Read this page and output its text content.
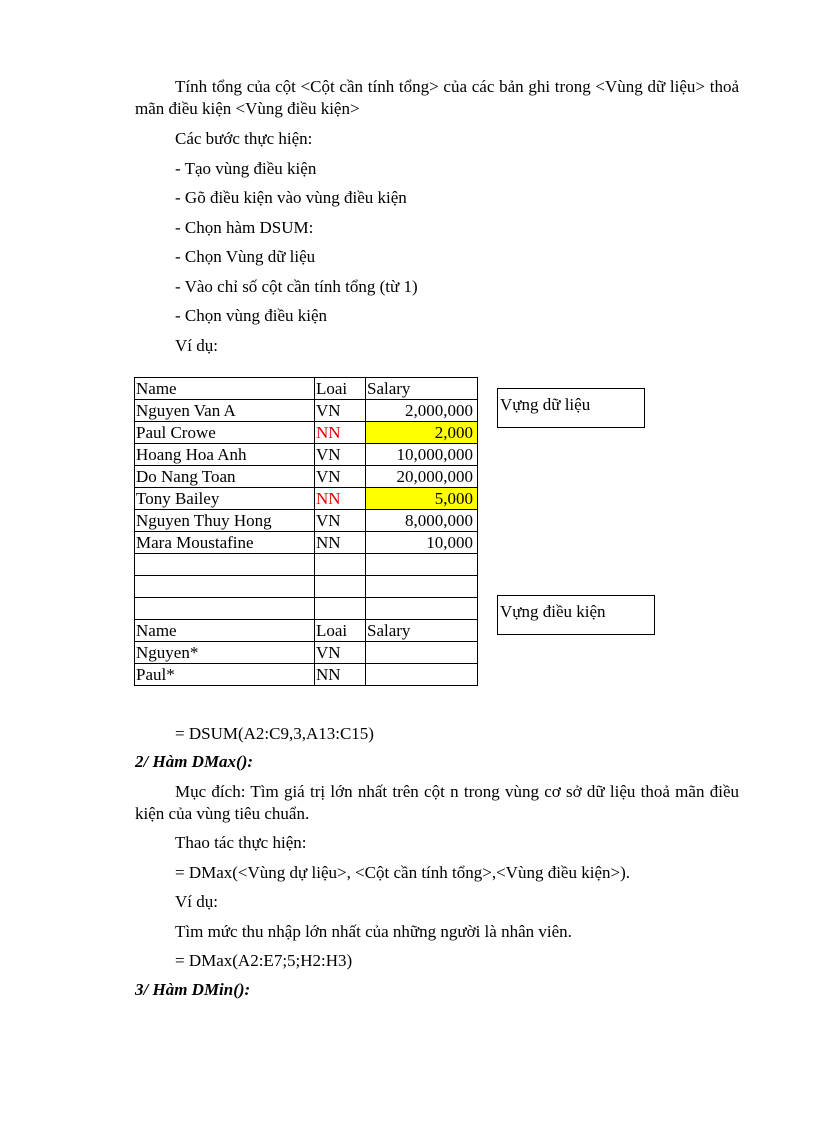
Tính tổng của cột <Cột cần tính tổng> của các bản ghi trong <Vùng dữ liệu> thoả mãn điều kiện <Vùng điều kiện>
Các bước thực hiện:
- Tạo vùng điều kiện
- Gõ điều kiện vào vùng điều kiện
- Chọn hàm DSUM:
- Chọn Vùng dữ liệu
- Vào chỉ số cột cần tính tổng (từ 1)
- Chọn vùng điều kiện
Ví dụ:
Name	Loai	Salary
Nguyen Van A	VN	2,000,000
Paul Crowe	NN	2,000
Hoang Hoa Anh	VN	10,000,000
Do Nang Toan	VN	20,000,000
Tony Bailey	NN	5,000
Nguyen Thuy Hong	VN	8,000,000
Mara Moustafine	NN	10,000

Name	Loai	Salary
Nguyen*	VN	
Paul*	NN	
Vựng dữ liệu
Vựng điều kiện
= DSUM(A2:C9,3,A13:C15)
2/ Hàm DMax():
Mục đích: Tìm giá trị lớn nhất trên cột n trong vùng cơ sở dữ liệu thoả mãn điều kiện của vùng tiêu chuẩn.
Thao tác thực hiện:
= DMax(<Vùng dự liệu>, <Cột cần tính tổng>,<Vùng điều kiện>).
Ví dụ:
Tìm mức thu nhập lớn nhất của những người là nhân viên.
= DMax(A2:E7;5;H2:H3)
3/ Hàm DMin():
